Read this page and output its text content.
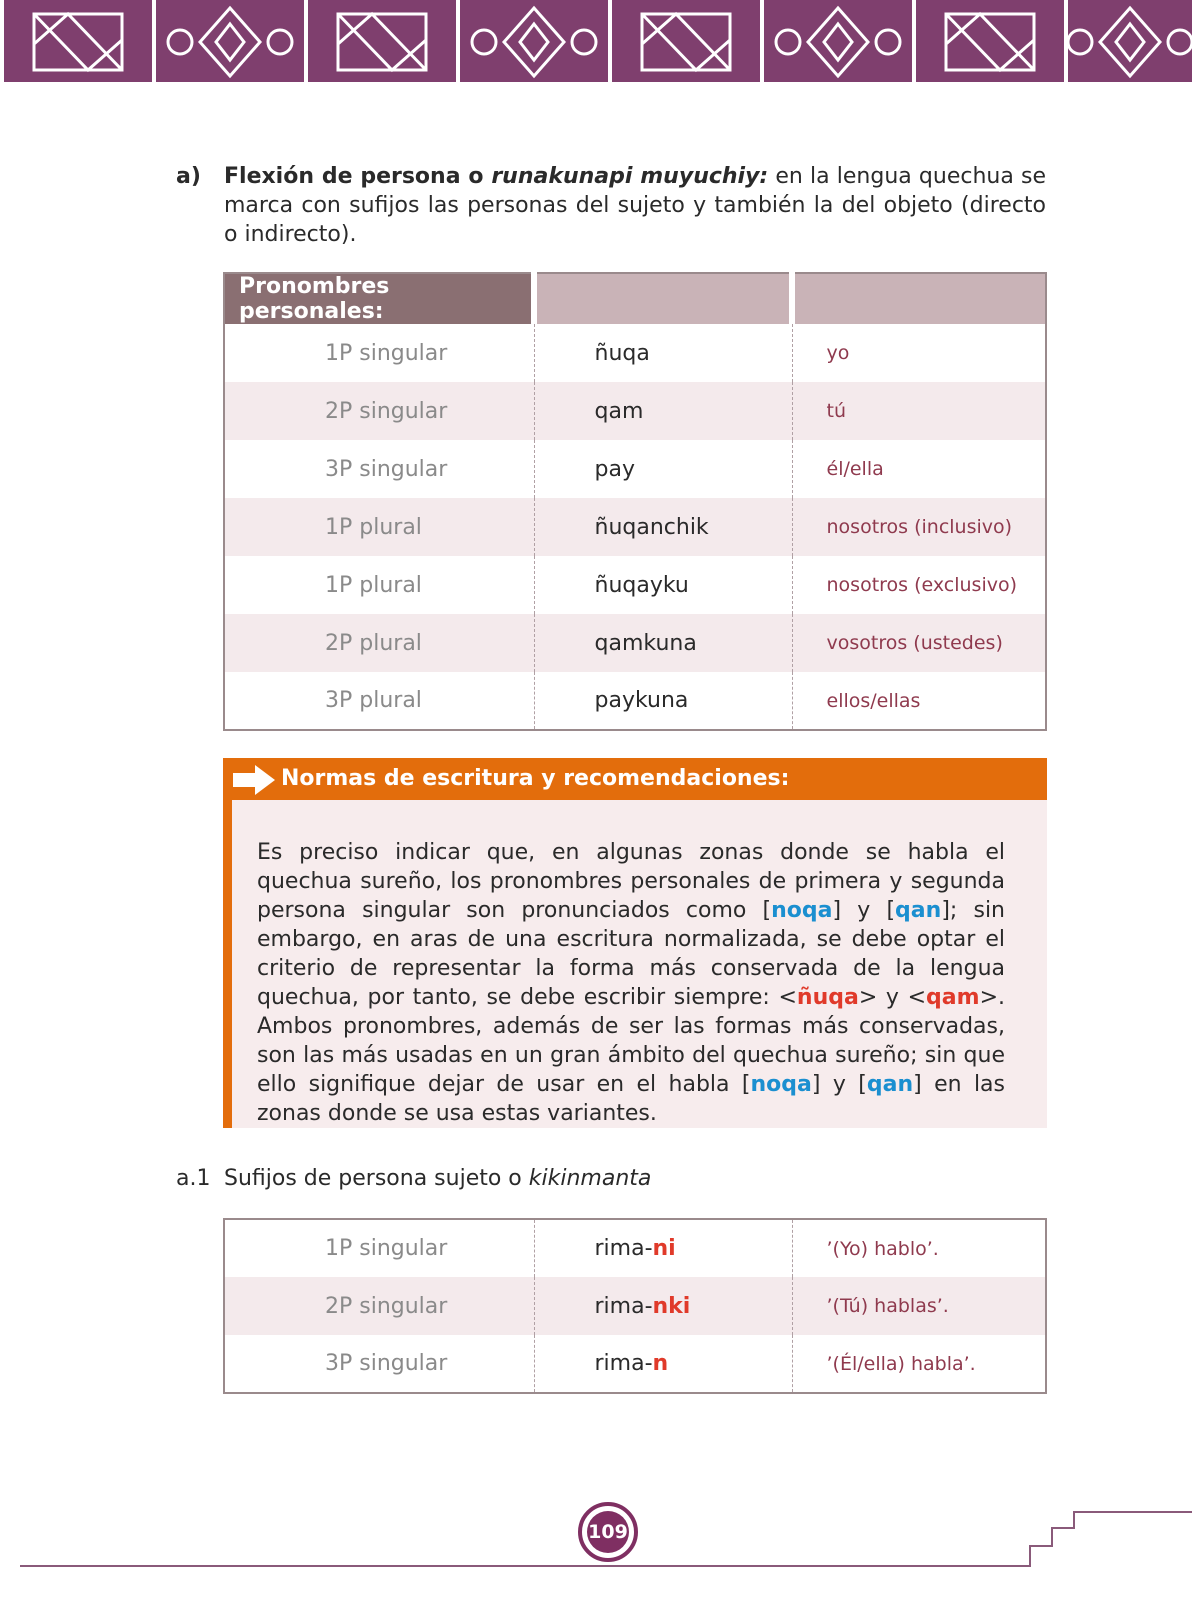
a) Flexión de persona o runakunapi muyuchiy: en la lengua quechua se marca con sufijos las personas del sujeto y también la del objeto (directo o indirecto).
Pronombres personales:		
1P singular	ñuqa	yo
2P singular	qam	tú
3P singular	pay	él/ella
1P plural	ñuqanchik	nosotros (inclusivo)
1P plural	ñuqayku	nosotros (exclusivo)
2P plural	qamkuna	vosotros (ustedes)
3P plural	paykuna	ellos/ellas
Normas de escritura y recomendaciones:
Es preciso indicar que, en algunas zonas donde se habla el quechua sureño, los pronombres personales de primera y segunda persona singular son pronunciados como [noqa] y [qan]; sin embargo, en aras de una escritura normalizada, se debe optar el criterio de representar la forma más conservada de la lengua quechua, por tanto, se debe escribir siempre: <ñuqa> y <qam>. Ambos pronombres, además de ser las formas más conservadas, son las más usadas en un gran ámbito del quechua sureño; sin que ello signifique dejar de usar en el habla [noqa] y [qan] en las zonas donde se usa estas variantes.
a.1 Sufijos de persona sujeto o kikinmanta
1P singular	rima-ni	’(Yo) hablo’.
2P singular	rima-nki	’(Tú) hablas’.
3P singular	rima-n	’(Él/ella) habla’.
109
